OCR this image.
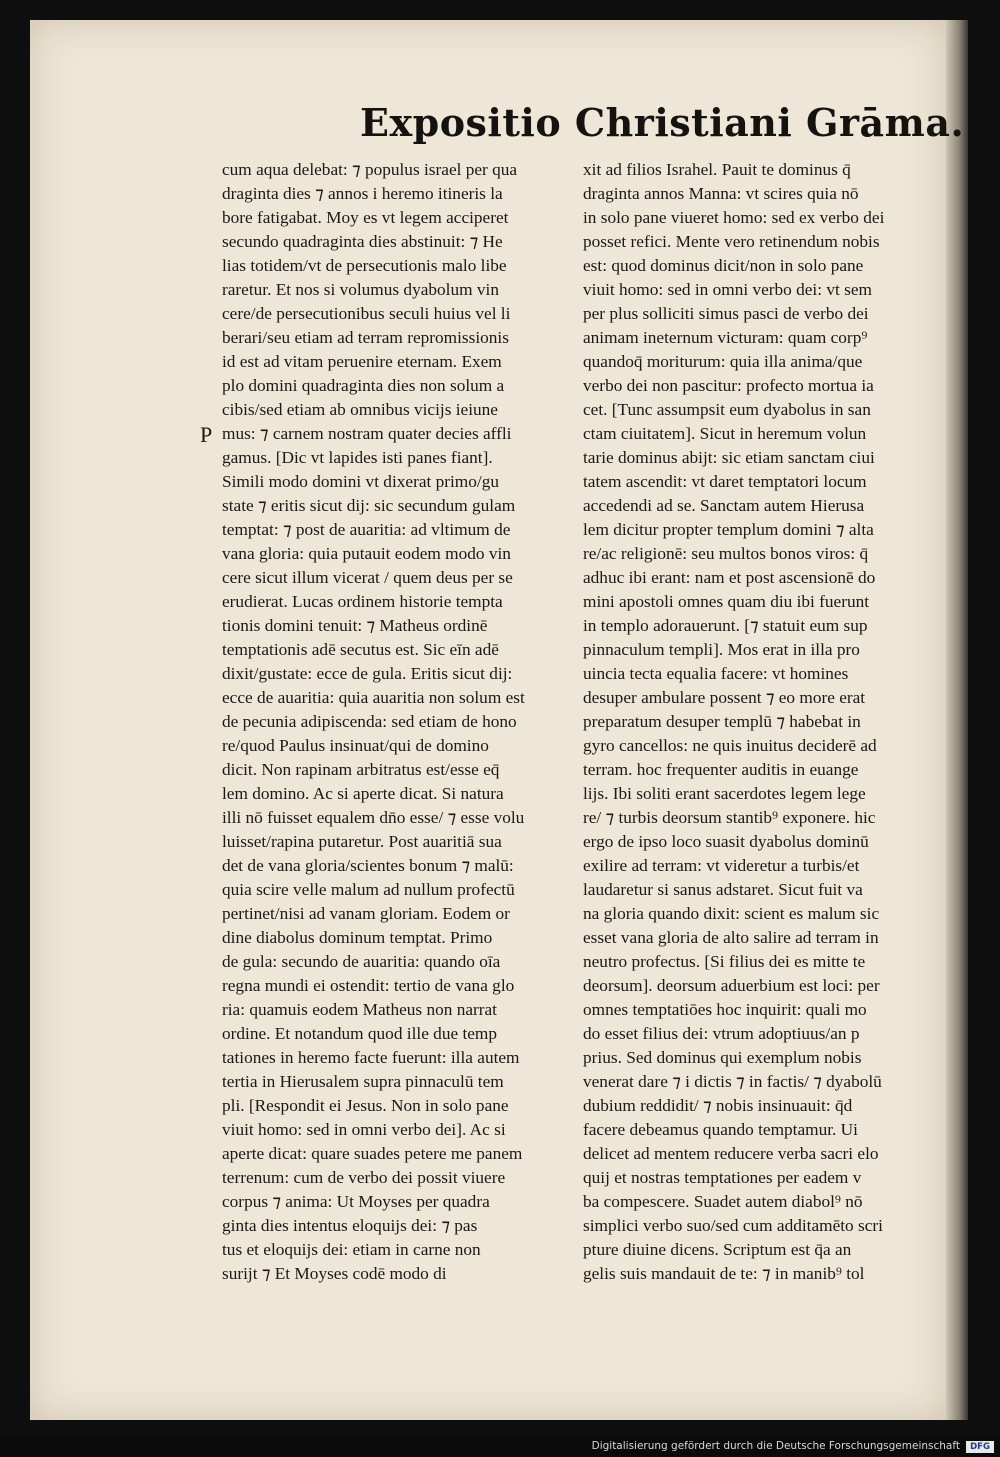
Expositio Christiani Grāma.
P
cum aqua delebat: ⁊ populus israel per qua
draginta dies ⁊ annos i heremo itineris la
bore fatigabat. Moy es vt legem acciperet
secundo quadraginta dies abstinuit: ⁊ He
lias totidem/vt de persecutionis malo libe
raretur. Et nos si volumus dyabolum vin
cere/de persecutionibus seculi huius vel li
berari/seu etiam ad terram repromissionis
id est ad vitam peruenire eternam. Exem
plo domini quadraginta dies non solum a
cibis/sed etiam ab omnibus vicijs ieiune
mus: ⁊ carnem nostram quater decies affli
gamus. [Dic vt lapides isti panes fiant].
Simili modo domini vt dixerat primo/gu
state ⁊ eritis sicut dij: sic secundum gulam
temptat: ⁊ post de auaritia: ad vltimum de
vana gloria: quia putauit eodem modo vin
cere sicut illum vicerat / quem deus per se
erudierat. Lucas ordinem historie tempta
tionis domini tenuit: ⁊ Matheus ordinē
temptationis adē secutus est. Sic eīn adē
dixit/gustate: ecce de gula. Eritis sicut dij:
ecce de auaritia: quia auaritia non solum est
de pecunia adipiscenda: sed etiam de hono
re/quod Paulus insinuat/qui de domino
dicit. Non rapinam arbitratus est/esse eq̄
lem domino. Ac si aperte dicat. Si natura
illi nō fuisset equalem dn̄o esse/ ⁊ esse volu
luisset/rapina putaretur. Post auaritiā sua
det de vana gloria/scientes bonum ⁊ malū:
quia scire velle malum ad nullum profectū
pertinet/nisi ad vanam gloriam. Eodem or
dine diabolus dominum temptat. Primo
de gula: secundo de auaritia: quando oīa
regna mundi ei ostendit: tertio de vana glo
ria: quamuis eodem Matheus non narrat
ordine. Et notandum quod ille due temp
tationes in heremo facte fuerunt: illa autem
tertia in Hierusalem supra pinnaculū tem
pli. [Respondit ei Jesus. Non in solo pane
viuit homo: sed in omni verbo dei]. Ac si
aperte dicat: quare suades petere me panem
terrenum: cum de verbo dei possit viuere
corpus ⁊ anima: Ut Moyses per quadra
ginta dies intentus eloquijs dei: ⁊ pas
tus et eloquijs dei: etiam in carne non
surijt ⁊ Et Moyses codē modo di
xit ad filios Israhel. Pauit te dominus q̄
draginta annos Manna: vt scires quia nō
in solo pane viueret homo: sed ex verbo dei
posset refici. Mente vero retinendum nobis
est: quod dominus dicit/non in solo pane
viuit homo: sed in omni verbo dei: vt sem
per plus solliciti simus pasci de verbo dei
animam ineternum victuram: quam corp⁹
quandoq̄ moriturum: quia illa anima/que
verbo dei non pascitur: profecto mortua ia
cet. [Tunc assumpsit eum dyabolus in san
ctam ciuitatem]. Sicut in heremum volun
tarie dominus abijt: sic etiam sanctam ciui
tatem ascendit: vt daret temptatori locum
accedendi ad se. Sanctam autem Hierusa
lem dicitur propter templum domini ⁊ alta
re/ac religionē: seu multos bonos viros: q̄
adhuc ibi erant: nam et post ascensionē do
mini apostoli omnes quam diu ibi fuerunt
in templo adorauerunt. [⁊ statuit eum sup
pinnaculum templi]. Mos erat in illa pro
uincia tecta equalia facere: vt homines
desuper ambulare possent ⁊ eo more erat
preparatum desuper templū ⁊ habebat in
gyro cancellos: ne quis inuitus deciderē ad
terram. hoc frequenter auditis in euange
lijs. Ibi soliti erant sacerdotes legem lege
re/ ⁊ turbis deorsum stantib⁹ exponere. hic
ergo de ipso loco suasit dyabolus dominū
exilire ad terram: vt videretur a turbis/et
laudaretur si sanus adstaret. Sicut fuit va
na gloria quando dixit: scient es malum sic
esset vana gloria de alto salire ad terram in
neutro profectus. [Si filius dei es mitte te
deorsum]. deorsum aduerbium est loci: per
omnes temptatiōes hoc inquirit: quali mo
do esset filius dei: vtrum adoptiuus/an p
prius. Sed dominus qui exemplum nobis
venerat dare ⁊ i dictis ⁊ in factis/ ⁊ dyabolū
dubium reddidit/ ⁊ nobis insinuauit: q̄d
facere debeamus quando temptamur. Ui
delicet ad mentem reducere verba sacri elo
quij et nostras temptationes per eadem v
ba compescere. Suadet autem diabol⁹ nō
simplici verbo suo/sed cum additamēto scri
pture diuine dicens. Scriptum est q̄a an
gelis suis mandauit de te: ⁊ in manib⁹ tol
Digitalisierung gefördert durch die Deutsche Forschungsgemeinschaft	DFG
